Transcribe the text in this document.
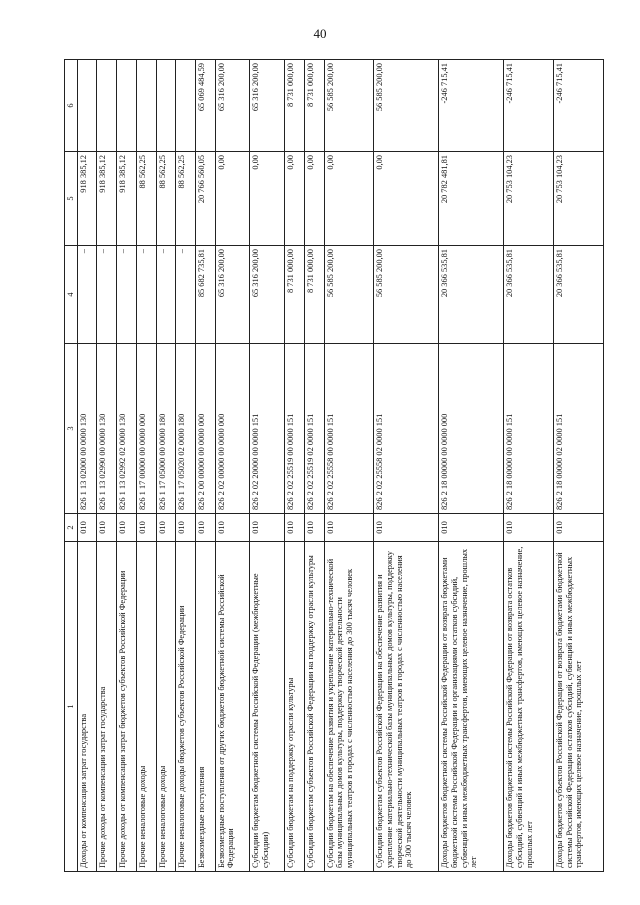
40
1	2	3	4	5	6
Доходы от компенсации затрат государства	010	826 1 13 02000 00 0000 130	–	918 385,12	
Прочие доходы от компенсации затрат государства	010	826 1 13 02990 00 0000 130	–	918 385,12	
Прочие доходы от компенсации затрат бюджетов субъектов Российской Федерации	010	826 1 13 02992 02 0000 130	–	918 385,12	
Прочие неналоговые доходы	010	826 1 17 00000 00 0000 000	–	88 562,25	
Прочие неналоговые доходы	010	826 1 17 05000 00 0000 180	–	88 562,25	
Прочие неналоговые доходы бюджетов субъектов Российской Федерации	010	826 1 17 05020 02 0000 180	–	88 562,25	
Безвозмездные поступления	010	826 2 00 00000 00 0000 000	85 682 735,81	20 766 560,05	65 069 484,59
Безвозмездные поступления от других бюджетов бюджетной системы Российской Федерации	010	826 2 02 00000 00 0000 000	65 316 200,00	0,00	65 316 200,00
Субсидии бюджетам бюджетной системы Российской Федерации (межбюджетные субсидии)	010	826 2 02 20000 00 0000 151	65 316 200,00	0,00	65 316 200,00
Субсидии бюджетам на поддержку отрасли культуры	010	826 2 02 25519 00 0000 151	8 731 000,00	0,00	8 731 000,00
Субсидии бюджетам субъектов Российской Федерации на поддержку отрасли культуры	010	826 2 02 25519 02 0000 151	8 731 000,00	0,00	8 731 000,00
Субсидии бюджетам на обеспечение развития и укрепление материально-технической базы муниципальных домов культуры, поддержку творческой деятельности муниципальных театров в городах с численностью населения до 300 тысяч человек	010	826 2 02 25558 00 0000 151	56 585 200,00	0,00	56 585 200,00
Субсидии бюджетам субъектов Российской Федерации на обеспечение развития и укрепление материально-технической базы муниципальных домов культуры, поддержку творческой деятельности муниципальных театров в городах с численностью населения до 300 тысяч человек	010	826 2 02 25558 02 0000 151	56 585 200,00	0,00	56 585 200,00
Доходы бюджетов бюджетной системы Российской Федерации от возврата бюджетами бюджетной системы Российской Федерации и организациями остатков субсидий, субвенций и иных межбюджетных трансфертов, имеющих целевое назначение, прошлых лет	010	826 2 18 00000 00 0000 000	20 366 535,81	20 782 481,81	-246 715,41
Доходы бюджетов бюджетной системы Российской Федерации от возврата остатков субсидий, субвенций и иных межбюджетных трансфертов, имеющих целевое назначение, прошлых лет	010	826 2 18 00000 00 0000 151	20 366 535,81	20 753 104,23	-246 715,41
Доходы бюджетов субъектов Российской Федерации от возврата бюджетами бюджетной системы Российской Федерации остатков субсидий, субвенций и иных межбюджетных трансфертов, имеющих целевое назначение, прошлых лет	010	826 2 18 00000 02 0000 151	20 366 535,81	20 753 104,23	-246 715,41
